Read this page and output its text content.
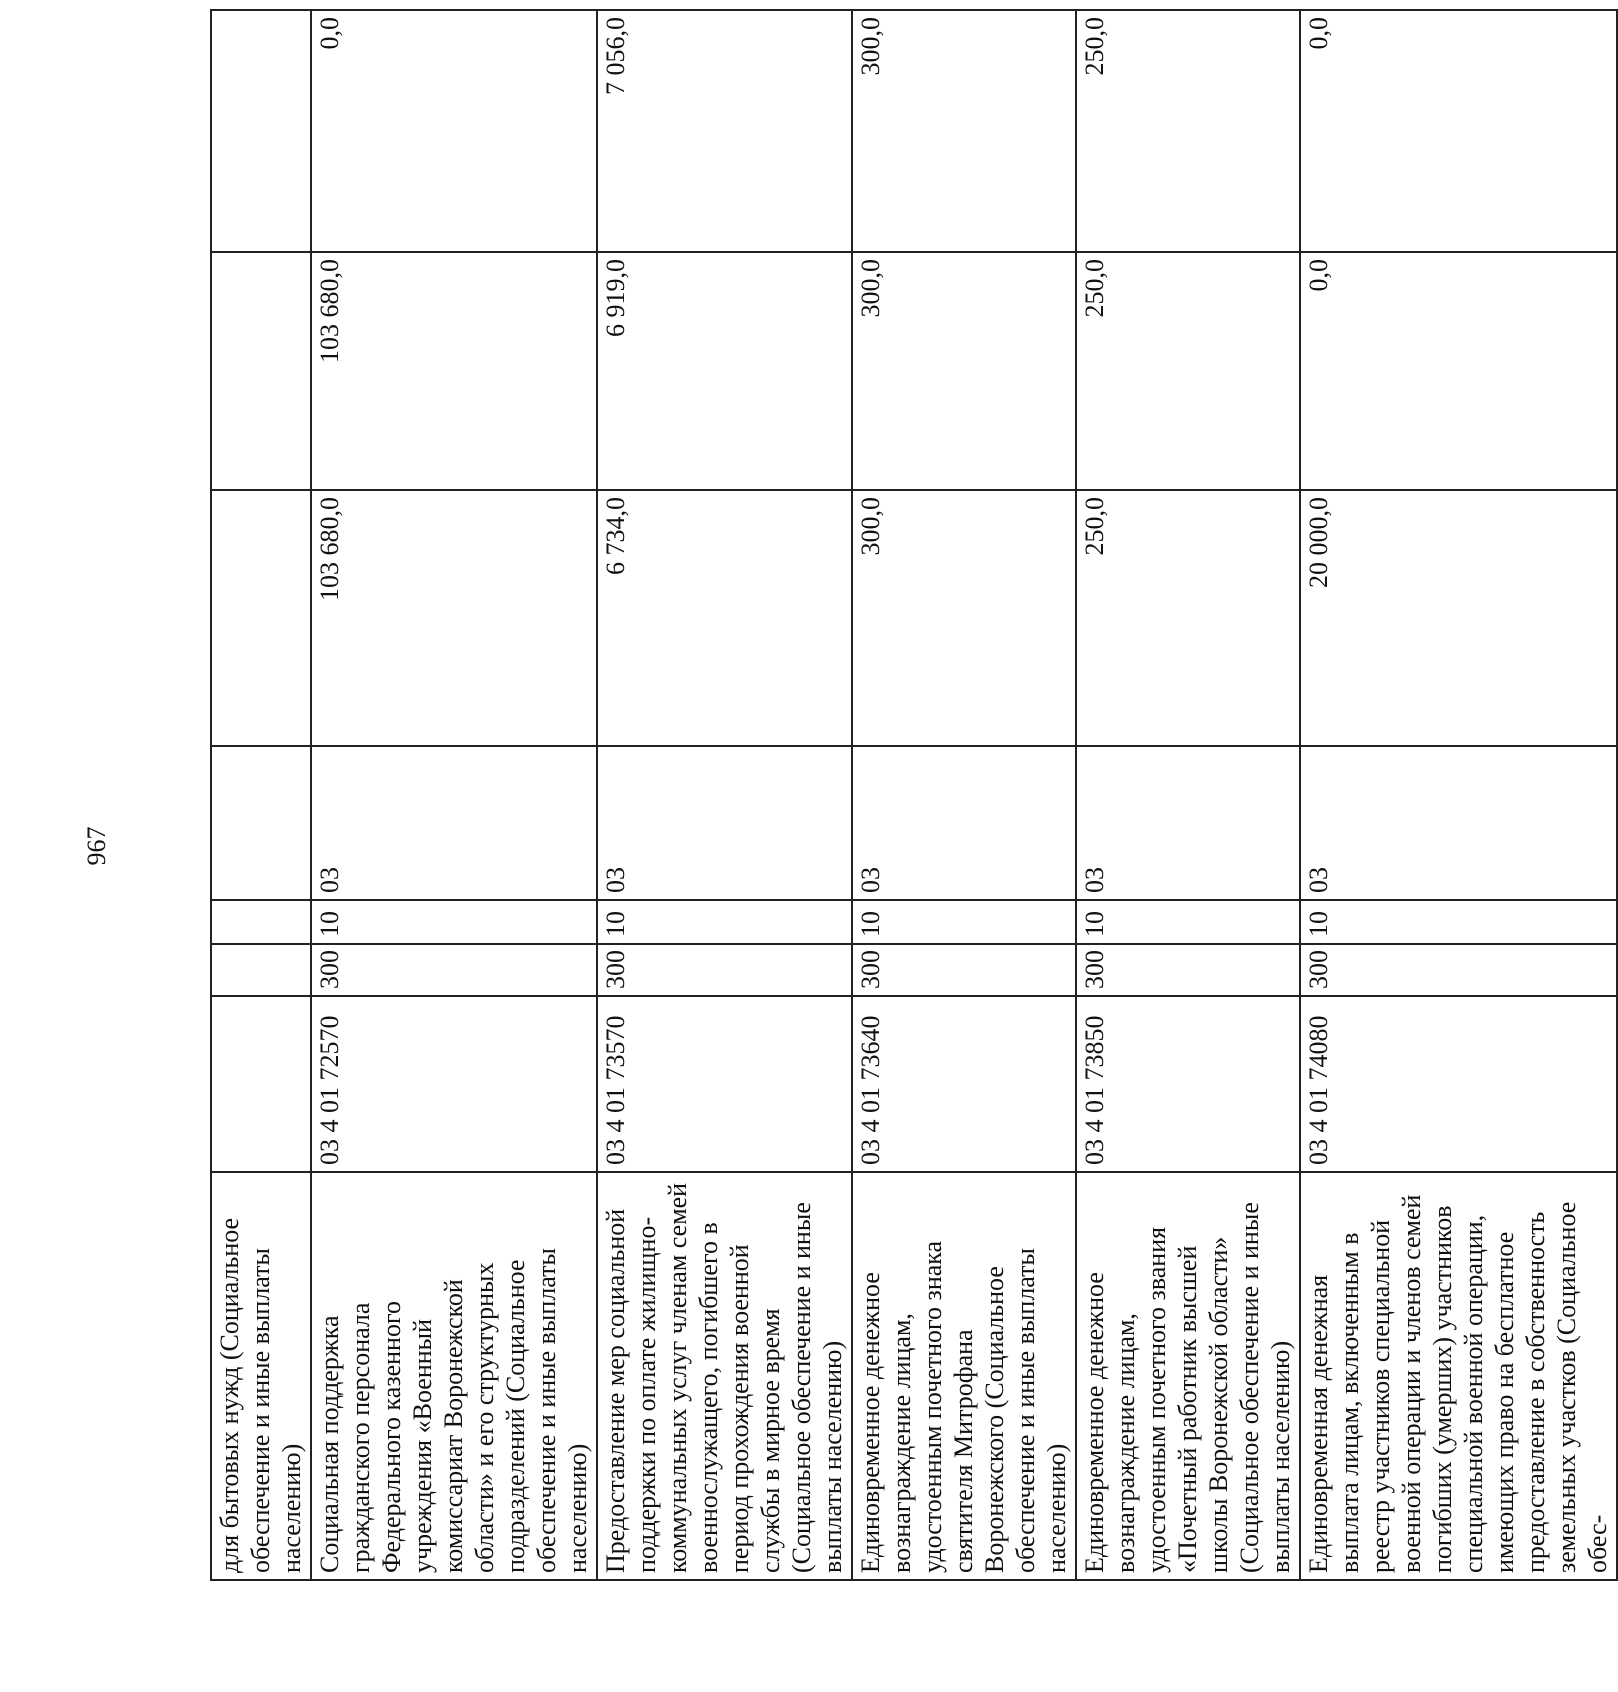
967
для бытовых нужд (Социальное обеспечение и иные выплаты населению)							
Социальная поддержка гражданского персонала Федерального казенного учреждения «Военный комиссариат Воронежской области» и его структурных подразделений (Социальное обеспечение и иные выплаты населению)	03 4 01 72570	300	10	03	103 680,0	103 680,0	0,0
Предоставление мер социальной поддержки по оплате жилищно-коммунальных услуг членам семей военнослужащего, погибшего в период прохождения военной службы в мирное время (Социальное обеспечение и иные выплаты населению)	03 4 01 73570	300	10	03	6 734,0	6 919,0	7 056,0
Единовременное денежное вознаграждение лицам, удостоенным почетного знака святителя Митрофана Воронежского (Социальное обеспечение и иные выплаты населению)	03 4 01 73640	300	10	03	300,0	300,0	300,0
Единовременное денежное вознаграждение лицам, удостоенным почетного звания «Почетный работник высшей школы Воронежской области» (Социальное обеспечение и иные выплаты населению)	03 4 01 73850	300	10	03	250,0	250,0	250,0
Единовременная денежная выплата лицам, включенным в реестр участников специальной военной операции и членов семей погибших (умерших) участников специальной военной операции, имеющих право на бесплатное предоставление в собственность земельных участков (Социальное обес-	03 4 01 74080	300	10	03	20 000,0	0,0	0,0
